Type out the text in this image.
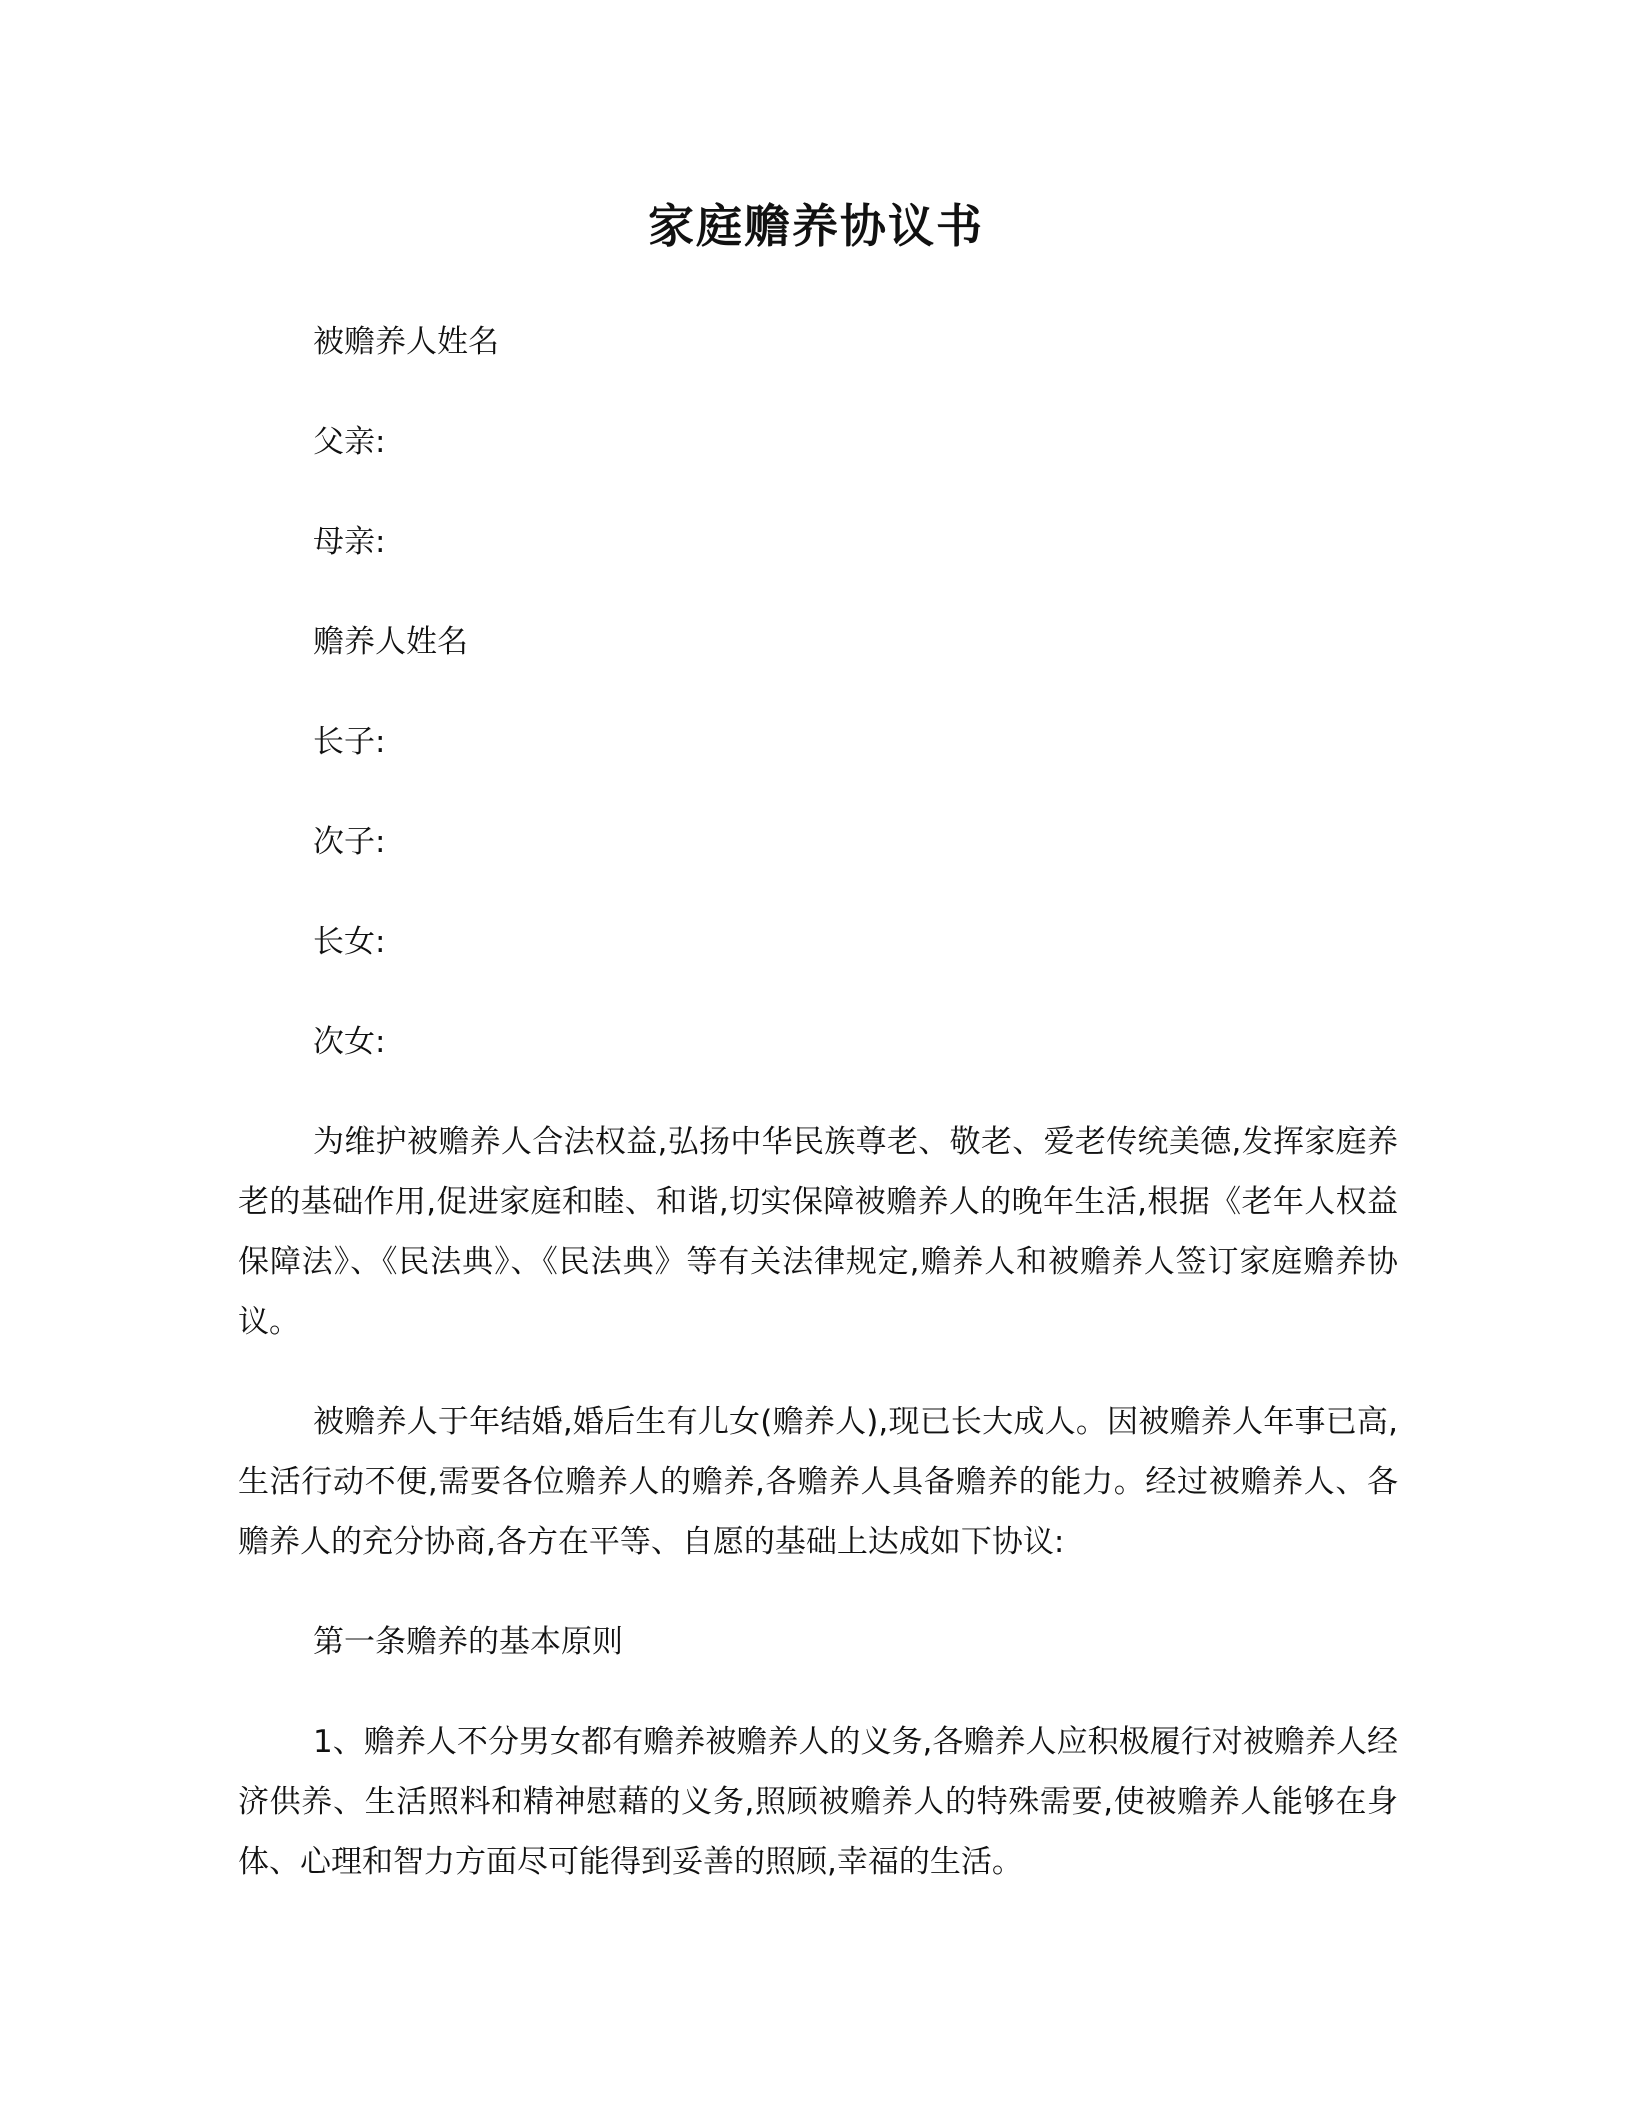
家庭赡养协议书
被赡养人姓名
父亲:
母亲:
赡养人姓名
长子:
次子:
长女:
次女:

为维护被赡养人合法权益,弘扬中华民族尊老、敬老、爱老传统美德,发挥家庭养老的基础作用,促进家庭和睦、和谐,切实保障被赡养人的晚年生活,根据《老年人权益保障法》、《民法典》、《民法典》等有关法律规定,赡养人和被赡养人签订家庭赡养协议。

被赡养人于年结婚,婚后生有儿女(赡养人),现已长大成人。因被赡养人年事已高,生活行动不便,需要各位赡养人的赡养,各赡养人具备赡养的能力。经过被赡养人、各赡养人的充分协商,各方在平等、自愿的基础上达成如下协议:

第一条赡养的基本原则

1、赡养人不分男女都有赡养被赡养人的义务,各赡养人应积极履行对被赡养人经济供养、生活照料和精神慰藉的义务,照顾被赡养人的特殊需要,使被赡养人能够在身体、心理和智力方面尽可能得到妥善的照顾,幸福的生活。
